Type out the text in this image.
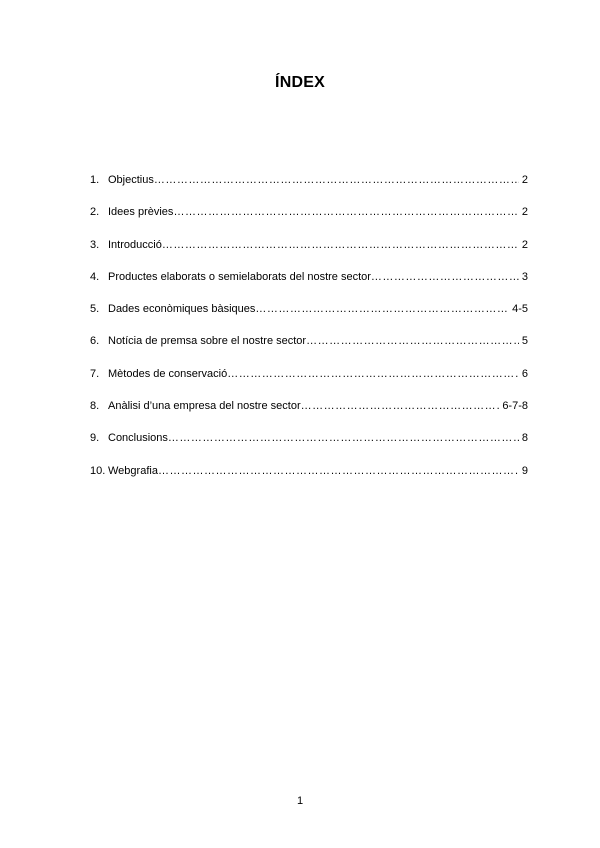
ÍNDEX
1. Objectius ……………………………………………………………………………………………………………………………………………………………………………………………………	2
2. Idees prèvies ……………………………………………………………………………………………………………………………………………………………………………………………………	2
3. Introducció ……………………………………………………………………………………………………………………………………………………………………………………………………	2
4. Productes elaborats o semielaborats del nostre sector ……………………………………………………………………………………………………………………………………………………………………………………………………	3
5. Dades econòmiques bàsiques ……………………………………………………………………………………………………………………………………………………………………………………………………	4-5
6. Notícia de premsa sobre el nostre sector ……………………………………………………………………………………………………………………………………………………………………………………………………	5
7. Mètodes de conservació ……………………………………………………………………………………………………………………………………………………………………………………………………	6
8. Anàlisi d’una empresa del nostre sector ……………………………………………………………………………………………………………………………………………………………………………………………………	6-7-8
9. Conclusions ……………………………………………………………………………………………………………………………………………………………………………………………………	8
10. Webgrafia ……………………………………………………………………………………………………………………………………………………………………………………………………	9
1
